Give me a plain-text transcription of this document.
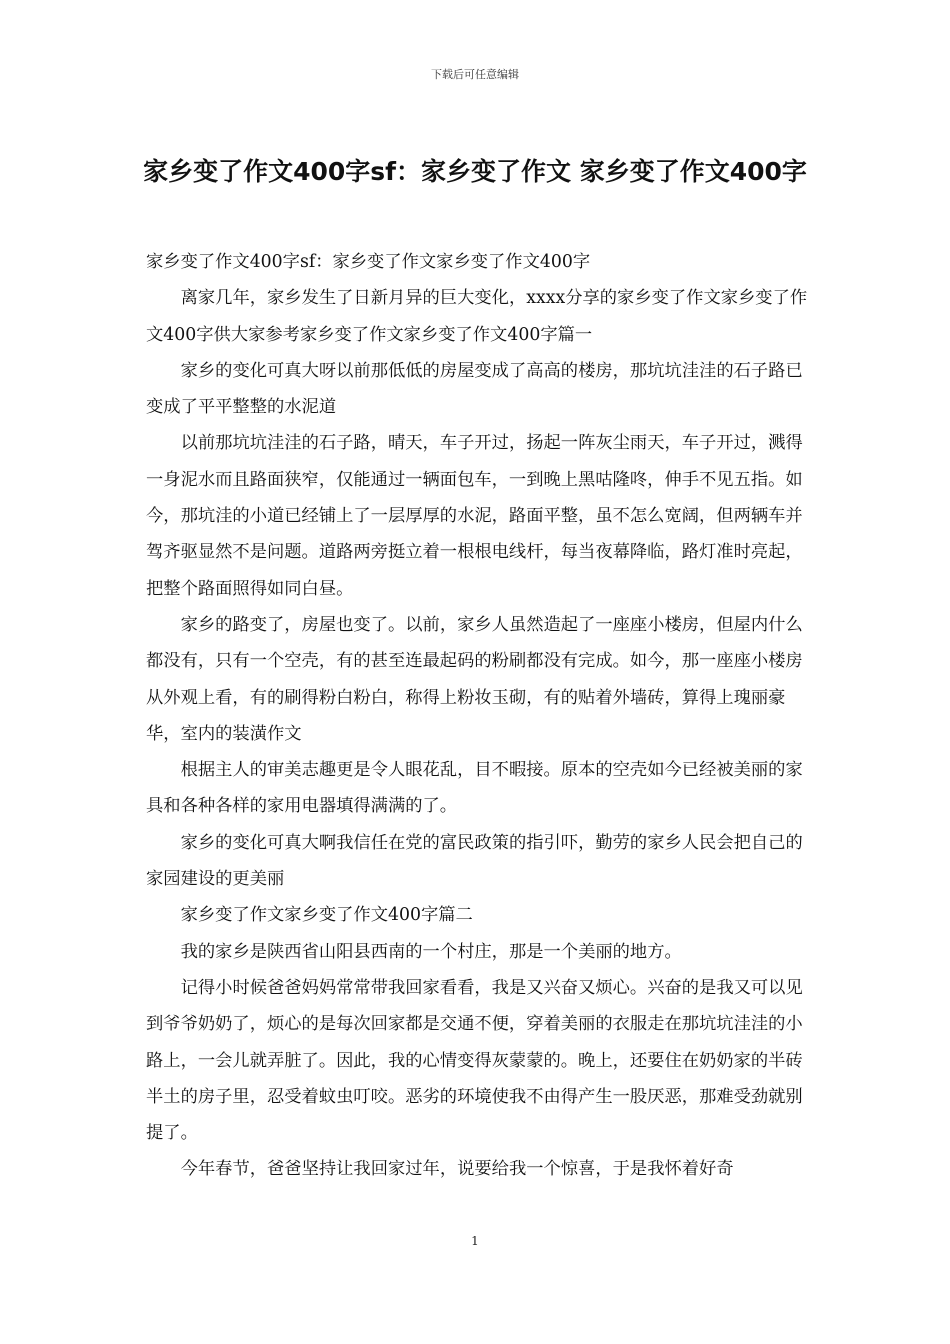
下载后可任意编辑
家乡变了作文400字sf：家乡变了作文 家乡变了作文400字

家乡变了作文400字sf：家乡变了作文家乡变了作文400字

离家几年，家乡发生了日新月异的巨大变化，xxxx分享的家乡变了作文家乡变了作文400字供大家参考家乡变了作文家乡变了作文400字篇一

家乡的变化可真大呀以前那低低的房屋变成了高高的楼房，那坑坑洼洼的石子路已变成了平平整整的水泥道

以前那坑坑洼洼的石子路，晴天，车子开过，扬起一阵灰尘雨天，车子开过，溅得一身泥水而且路面狭窄，仅能通过一辆面包车，一到晚上黑咕隆咚，伸手不见五指。如今，那坑洼的小道已经铺上了一层厚厚的水泥，路面平整，虽不怎么宽阔，但两辆车并驾齐驱显然不是问题。道路两旁挺立着一根根电线杆，每当夜幕降临，路灯准时亮起，把整个路面照得如同白昼。

家乡的路变了，房屋也变了。以前，家乡人虽然造起了一座座小楼房，但屋内什么都没有，只有一个空壳，有的甚至连最起码的粉刷都没有完成。如今，那一座座小楼房从外观上看，有的刷得粉白粉白，称得上粉妆玉砌，有的贴着外墙砖，算得上瑰丽豪华，室内的装潢作文

根据主人的审美志趣更是令人眼花乱，目不暇接。原本的空壳如今已经被美丽的家具和各种各样的家用电器填得满满的了。

家乡的变化可真大啊我信任在党的富民政策的指引吓，勤劳的家乡人民会把自己的家园建设的更美丽

家乡变了作文家乡变了作文400字篇二

我的家乡是陕西省山阳县西南的一个村庄，那是一个美丽的地方。

记得小时候爸爸妈妈常常带我回家看看，我是又兴奋又烦心。兴奋的是我又可以见到爷爷奶奶了，烦心的是每次回家都是交通不便，穿着美丽的衣服走在那坑坑洼洼的小路上，一会儿就弄脏了。因此，我的心情变得灰蒙蒙的。晚上，还要住在奶奶家的半砖半土的房子里，忍受着蚊虫叮咬。恶劣的环境使我不由得产生一股厌恶，那难受劲就别提了。

今年春节，爸爸坚持让我回家过年，说要给我一个惊喜，于是我怀着好奇

1
